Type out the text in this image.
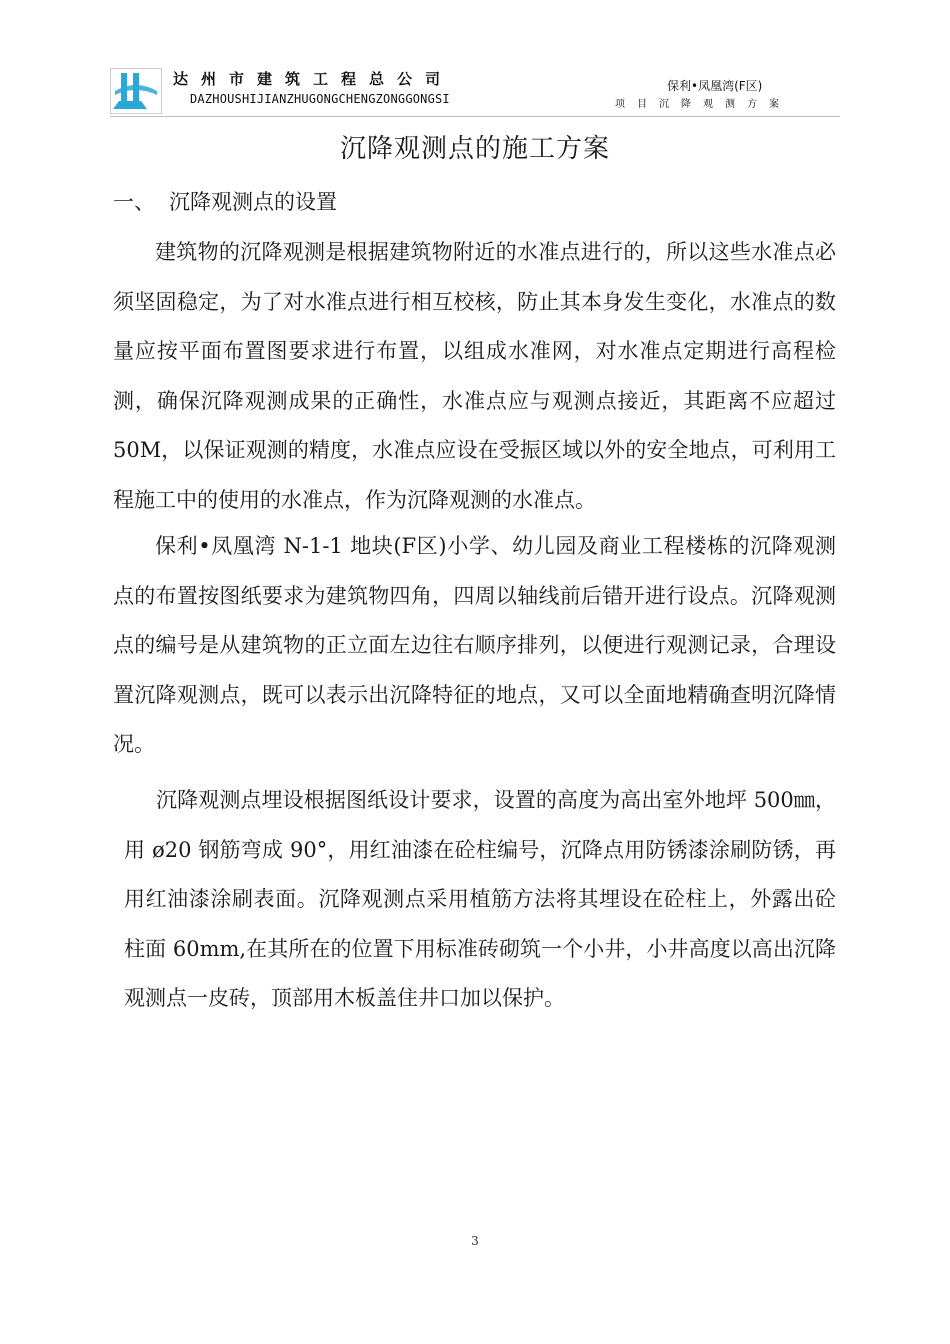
达州市建筑工程总公司
DAZHOUSHIJIANZHUGONGCHENGZONGGONGSI
保利•凤凰湾(F区)
项目沉降观测方案
沉降观测点的施工方案
一、 沉降观测点的设置

建筑物的沉降观测是根据建筑物附近的水准点进行的，所以这些水准点必须坚固稳定，为了对水准点进行相互校核，防止其本身发生变化，水准点的数量应按平面布置图要求进行布置，以组成水准网，对水准点定期进行高程检测，确保沉降观测成果的正确性，水准点应与观测点接近，其距离不应超过 50M，以保证观测的精度，水准点应设在受振区域以外的安全地点，可利用工程施工中的使用的水准点，作为沉降观测的水准点。

保利•凤凰湾 N-1-1 地块(F区)小学、幼儿园及商业工程楼栋的沉降观测点的布置按图纸要求为建筑物四角，四周以轴线前后错开进行设点。沉降观测点的编号是从建筑物的正立面左边往右顺序排列，以便进行观测记录，合理设置沉降观测点，既可以表示出沉降特征的地点，又可以全面地精确查明沉降情况。

沉降观测点埋设根据图纸设计要求，设置的高度为高出室外地坪 500㎜，用 ø20 钢筋弯成 90°，用红油漆在砼柱编号，沉降点用防锈漆涂刷防锈，再用红油漆涂刷表面。沉降观测点采用植筋方法将其埋设在砼柱上，外露出砼柱面 60mm,在其所在的位置下用标准砖砌筑一个小井，小井高度以高出沉降观测点一皮砖，顶部用木板盖住井口加以保护。

3
